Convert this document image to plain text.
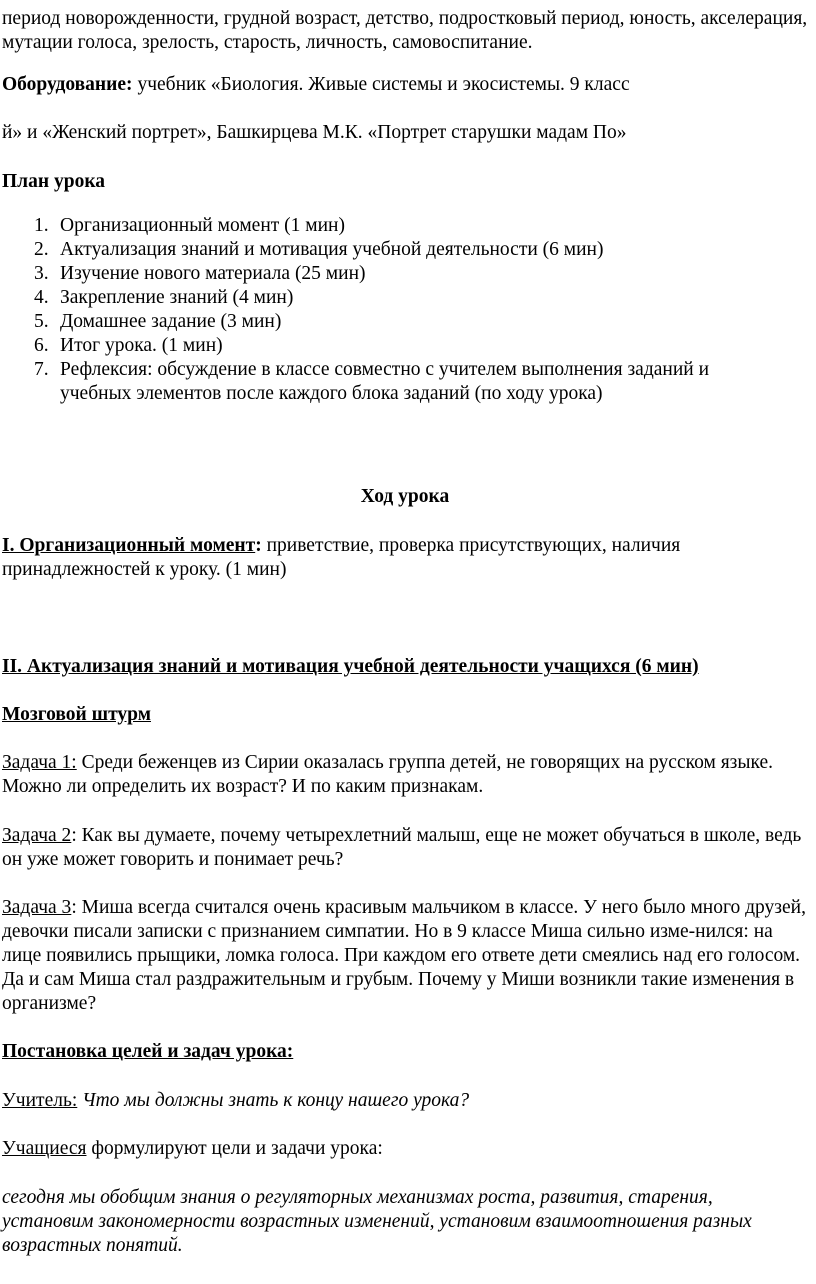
период новорожденности, грудной возраст, детство, подростковый период, юность, акселерация, мутации голоса, зрелость, старость, личность, самовоспитание.

Оборудование: учебник «Биология. Живые системы и экосистемы. 9 класс

й» и «Женский портрет», Башкирцева М.К. «Портрет старушки мадам По»

План урока

1. Организационный момент (1 мин)
2. Актуализация знаний и мотивация учебной деятельности (6 мин)
3. Изучение нового материала (25 мин)
4. Закрепление знаний (4 мин)
5. Домашнее задание (3 мин)
6. Итог урока. (1 мин)
7. Рефлексия: обсуждение в классе совместно с учителем выполнения заданий и учебных элементов после каждого блока заданий (по ходу урока)

Ход урока

I. Организационный момент: приветствие, проверка присутствующих, наличия принадлежностей к уроку. (1 мин)

II. Актуализация знаний и мотивация учебной деятельности учащихся (6 мин)

Мозговой штурм

Задача 1: Среди беженцев из Сирии оказалась группа детей, не говорящих на русском языке. Можно ли определить их возраст? И по каким признакам.

Задача 2: Как вы думаете, почему четырехлетний малыш, еще не может обучаться в школе, ведь он уже может говорить и понимает речь?

Задача 3: Миша всегда считался очень красивым мальчиком в классе. У него было много друзей, девочки писали записки с признанием симпатии. Но в 9 классе Миша сильно изме-нился: на лице появились прыщики, ломка голоса. При каждом его ответе дети смеялись над его голосом. Да и сам Миша стал раздражительным и грубым. Почему у Миши возникли такие изменения в организме?

Постановка целей и задач урока:

Учитель: Что мы должны знать к концу нашего урока?

Учащиеся формулируют цели и задачи урока:

сегодня мы обобщим знания о регуляторных механизмах роста, развития, старения, установим закономерности возрастных изменений, установим взаимоотношения разных возрастных понятий.
